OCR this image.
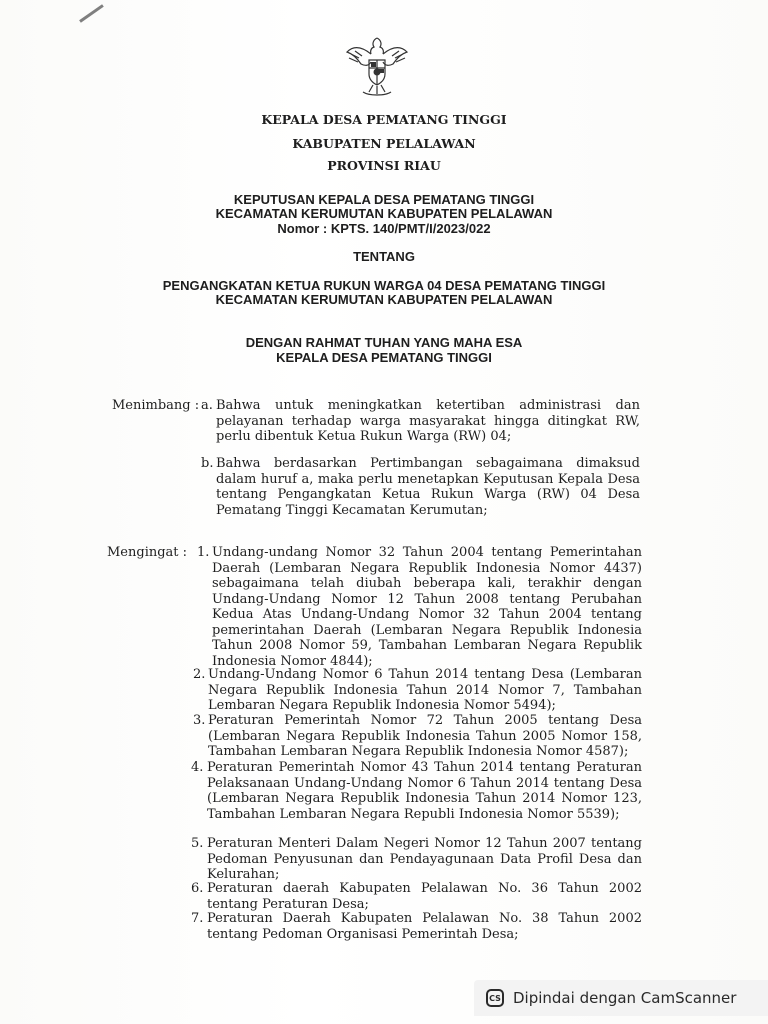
KEPALA DESA PEMATANG TINGGI
KABUPATEN PELALAWAN
PROVINSI RIAU
KEPUTUSAN KEPALA DESA PEMATANG TINGGI
KECAMATAN KERUMUTAN KABUPATEN PELALAWAN
Nomor : KPTS. 140/PMT/I/2023/022
TENTANG
PENGANGKATAN KETUA RUKUN WARGA 04 DESA PEMATANG TINGGI
KECAMATAN KERUMUTAN KABUPATEN PELALAWAN
DENGAN RAHMAT TUHAN YANG MAHA ESA
KEPALA DESA PEMATANG TINGGI
Menimbang : a. Bahwa untuk meningkatkan ketertiban administrasi dan pelayanan terhadap warga masyarakat hingga ditingkat RW, perlu dibentuk Ketua Rukun Warga (RW) 04;
b. Bahwa berdasarkan Pertimbangan sebagaimana dimaksud dalam huruf a, maka perlu menetapkan Keputusan Kepala Desa tentang Pengangkatan Ketua Rukun Warga (RW) 04 Desa Pematang Tinggi Kecamatan Kerumutan;
Mengingat : 1. Undang-undang Nomor 32 Tahun 2004 tentang Pemerintahan Daerah (Lembaran Negara Republik Indonesia Nomor 4437) sebagaimana telah diubah beberapa kali, terakhir dengan Undang-Undang Nomor 12 Tahun 2008 tentang Perubahan Kedua Atas Undang-Undang Nomor 32 Tahun 2004 tentang pemerintahan Daerah (Lembaran Negara Republik Indonesia Tahun 2008 Nomor 59, Tambahan Lembaran Negara Republik Indonesia Nomor 4844);
2. Undang-Undang Nomor 6 Tahun 2014 tentang Desa (Lembaran Negara Republik Indonesia Tahun 2014 Nomor 7, Tambahan Lembaran Negara Republik Indonesia Nomor 5494);
3. Peraturan Pemerintah Nomor 72 Tahun 2005 tentang Desa (Lembaran Negara Republik Indonesia Tahun 2005 Nomor 158, Tambahan Lembaran Negara Republik Indonesia Nomor 4587);
4. Peraturan Pemerintah Nomor 43 Tahun 2014 tentang Peraturan Pelaksanaan Undang-Undang Nomor 6 Tahun 2014 tentang Desa (Lembaran Negara Republik Indonesia Tahun 2014 Nomor 123, Tambahan Lembaran Negara Republi Indonesia Nomor 5539);
5. Peraturan Menteri Dalam Negeri Nomor 12 Tahun 2007 tentang Pedoman Penyusunan dan Pendayagunaan Data Profil Desa dan Kelurahan;
6. Peraturan daerah Kabupaten Pelalawan No. 36 Tahun 2002 tentang Peraturan Desa;
7. Peraturan Daerah Kabupaten Pelalawan No. 38 Tahun 2002 tentang Pedoman Organisasi Pemerintah Desa;
CS Dipindai dengan CamScanner
